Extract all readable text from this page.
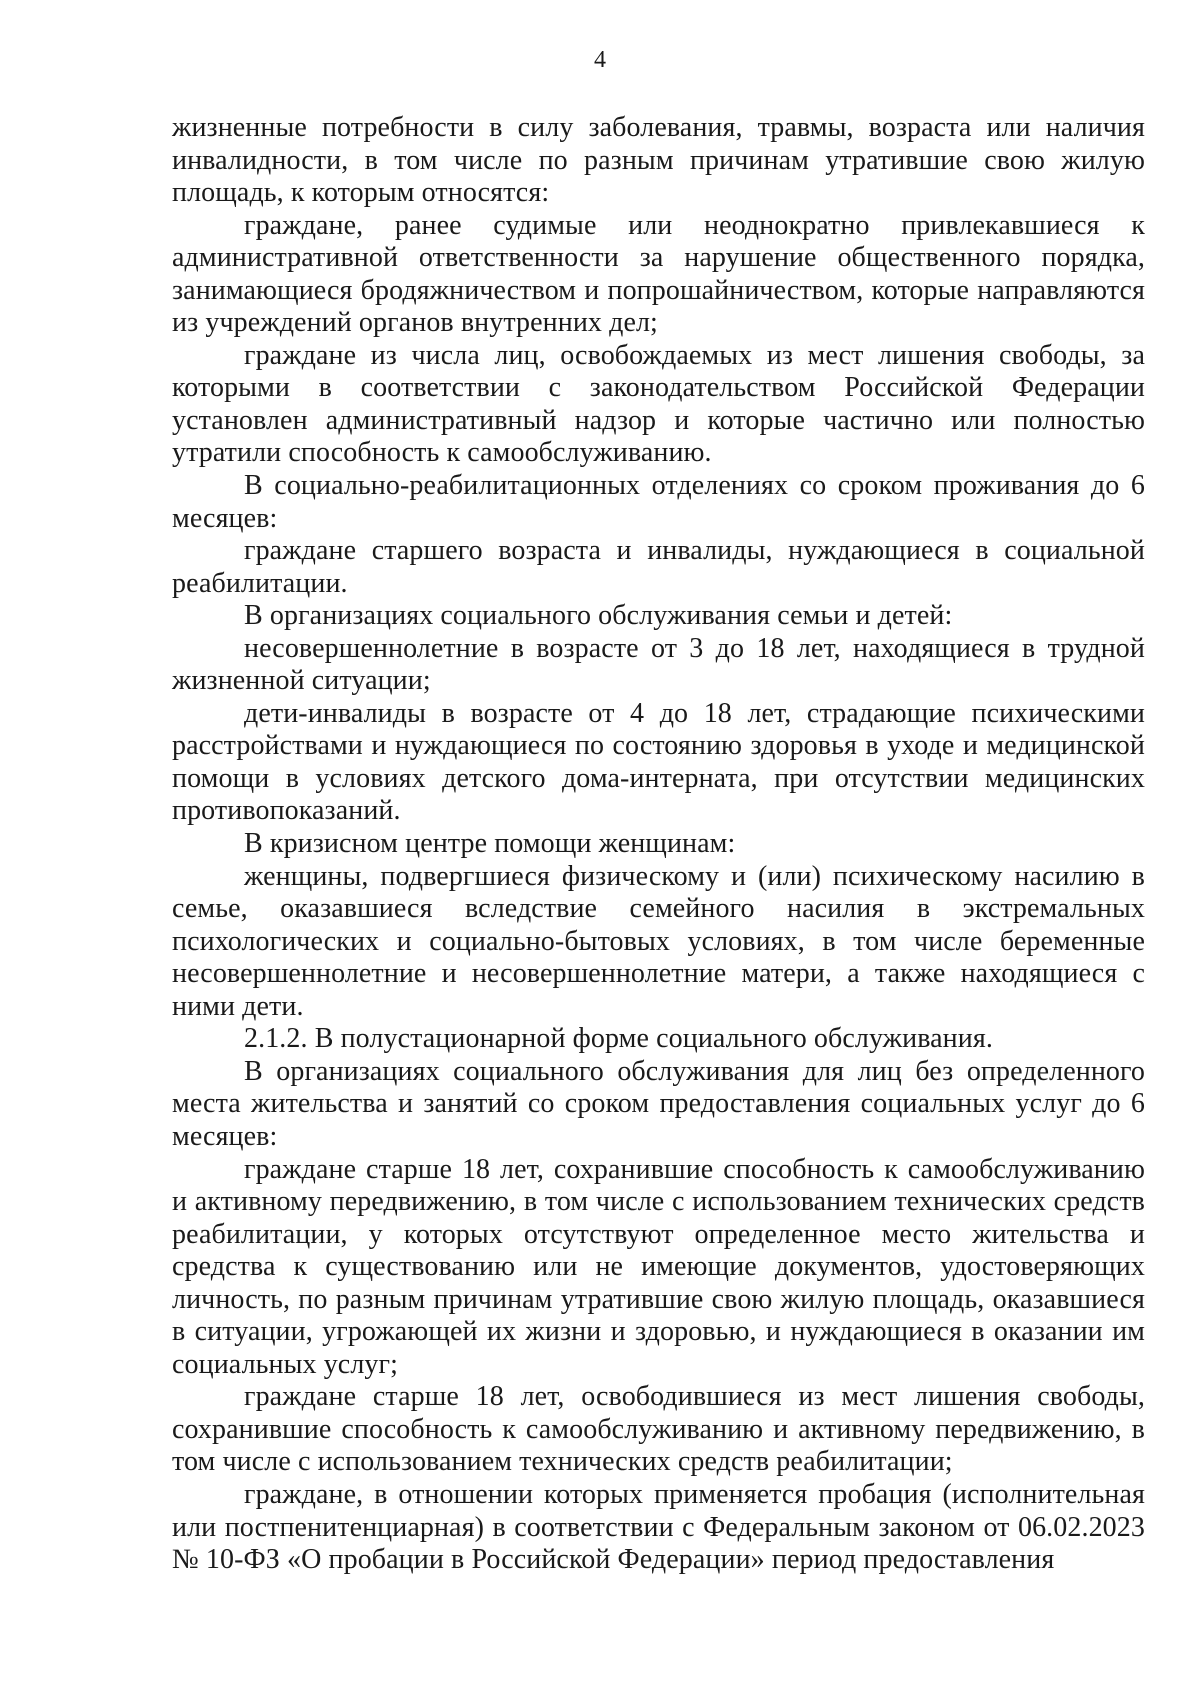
4

жизненные потребности в силу заболевания, травмы, возраста или наличия инвалидности, в том числе по разным причинам утратившие свою жилую площадь, к которым относятся:

граждане, ранее судимые или неоднократно привлекавшиеся к административной ответственности за нарушение общественного порядка, занимающиеся бродяжничеством и попрошайничеством, которые направляются из учреждений органов внутренних дел;

граждане из числа лиц, освобождаемых из мест лишения свободы, за которыми в соответствии с законодательством Российской Федерации установлен административный надзор и которые частично или полностью утратили способность к самообслуживанию.

В социально-реабилитационных отделениях со сроком проживания до 6 месяцев:

граждане старшего возраста и инвалиды, нуждающиеся в социальной реабилитации.

В организациях социального обслуживания семьи и детей:

несовершеннолетние в возрасте от 3 до 18 лет, находящиеся в трудной жизненной ситуации;

дети-инвалиды в возрасте от 4 до 18 лет, страдающие психическими расстройствами и нуждающиеся по состоянию здоровья в уходе и медицинской помощи в условиях детского дома-интерната, при отсутствии медицинских противопоказаний.

В кризисном центре помощи женщинам:

женщины, подвергшиеся физическому и (или) психическому насилию в семье, оказавшиеся вследствие семейного насилия в экстремальных психологических и социально-бытовых условиях, в том числе беременные несовершеннолетние и несовершеннолетние матери, а также находящиеся с ними дети.

2.1.2. В полустационарной форме социального обслуживания.

В организациях социального обслуживания для лиц без определенного места жительства и занятий со сроком предоставления социальных услуг до 6 месяцев:

граждане старше 18 лет, сохранившие способность к самообслуживанию и активному передвижению, в том числе с использованием технических средств реабилитации, у которых отсутствуют определенное место жительства и средства к существованию или не имеющие документов, удостоверяющих личность, по разным причинам утратившие свою жилую площадь, оказавшиеся в ситуации, угрожающей их жизни и здоровью, и нуждающиеся в оказании им социальных услуг;

граждане старше 18 лет, освободившиеся из мест лишения свободы, сохранившие способность к самообслуживанию и активному передвижению, в том числе с использованием технических средств реабилитации;

граждане, в отношении которых применяется пробация (исполнительная или постпенитенциарная) в соответствии с Федеральным законом от 06.02.2023 № 10-ФЗ «О пробации в Российской Федерации» период предоставления
